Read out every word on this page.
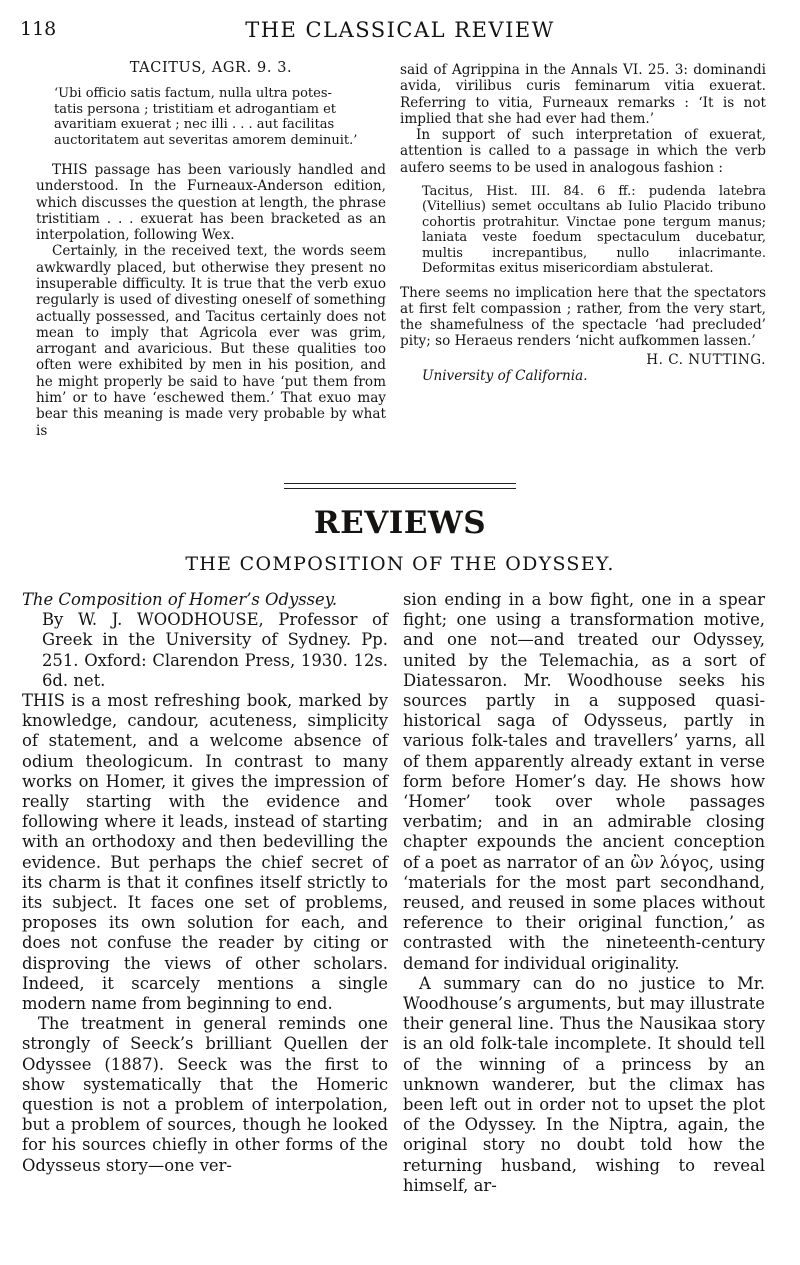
118	THE CLASSICAL REVIEW
TACITUS, AGR. 9. 3.
‘Ubi officio satis factum, nulla ultra potes-
tatis persona ; tristitiam et adrogantiam et
avaritiam exuerat ; nec illi . . . aut facilitas
auctoritatem aut severitas amorem deminuit.’

THIS passage has been variously handled and understood. In the Furneaux-Anderson edition, which discusses the question at length, the phrase tristitiam . . . exuerat has been bracketed as an interpolation, following Wex.

Certainly, in the received text, the words seem awkwardly placed, but otherwise they present no insuperable difficulty. It is true that the verb exuo regularly is used of divesting oneself of something actually possessed, and Tacitus certainly does not mean to imply that Agricola ever was grim, arrogant and avaricious. But these qualities too often were exhibited by men in his position, and he might properly be said to have ‘put them from him’ or to have ‘eschewed them.’ That exuo may bear this meaning is made very probable by what is

said of Agrippina in the Annals VI. 25. 3: dominandi avida, virilibus curis feminarum vitia exuerat. Referring to vitia, Furneaux remarks : ‘It is not implied that she had ever had them.’

In support of such interpretation of exuerat, attention is called to a passage in which the verb aufero seems to be used in analogous fashion :

Tacitus, Hist. III. 84. 6 ff.: pudenda latebra (Vitellius) semet occultans ab Iulio Placido tribuno cohortis protrahitur. Vinctae pone tergum manus; laniata veste foedum spectaculum ducebatur, multis increpantibus, nullo inlacrimante. Deformitas exitus misericordiam abstulerat.

There seems no implication here that the spectators at first felt compassion ; rather, from the very start, the shamefulness of the spectacle ‘had precluded’ pity; so Heraeus renders ‘nicht aufkommen lassen.’

H. C. NUTTING.
University of California.
REVIEWS
THE COMPOSITION OF THE ODYSSEY.
The Composition of Homer’s Odyssey.
By W. J. WOODHOUSE, Professor of Greek in the University of Sydney. Pp. 251. Oxford: Clarendon Press, 1930. 12s. 6d. net.

THIS is a most refreshing book, marked by knowledge, candour, acuteness, simplicity of statement, and a welcome absence of odium theologicum. In contrast to many works on Homer, it gives the impression of really starting with the evidence and following where it leads, instead of starting with an orthodoxy and then bedevilling the evidence. But perhaps the chief secret of its charm is that it confines itself strictly to its subject. It faces one set of problems, proposes its own solution for each, and does not confuse the reader by citing or disproving the views of other scholars. Indeed, it scarcely mentions a single modern name from beginning to end.

The treatment in general reminds one strongly of Seeck’s brilliant Quellen der Odyssee (1887). Seeck was the first to show systematically that the Homeric question is not a problem of interpolation, but a problem of sources, though he looked for his sources chiefly in other forms of the Odysseus story—one ver-

sion ending in a bow fight, one in a spear fight; one using a transformation motive, and one not—and treated our Odyssey, united by the Telemachia, as a sort of Diatessaron. Mr. Woodhouse seeks his sources partly in a supposed quasi-historical saga of Odysseus, partly in various folk-tales and travellers’ yarns, all of them apparently already extant in verse form before Homer’s day. He shows how ‘Homer’ took over whole passages verbatim; and in an admirable closing chapter expounds the ancient conception of a poet as narrator of an ὢν λόγος, using ‘materials for the most part secondhand, reused, and reused in some places without reference to their original function,’ as contrasted with the nineteenth-century demand for individual originality.

A summary can do no justice to Mr. Woodhouse’s arguments, but may illustrate their general line. Thus the Nausikaa story is an old folk-tale incomplete. It should tell of the winning of a princess by an unknown wanderer, but the climax has been left out in order not to upset the plot of the Odyssey. In the Niptra, again, the original story no doubt told how the returning husband, wishing to reveal himself, ar-
